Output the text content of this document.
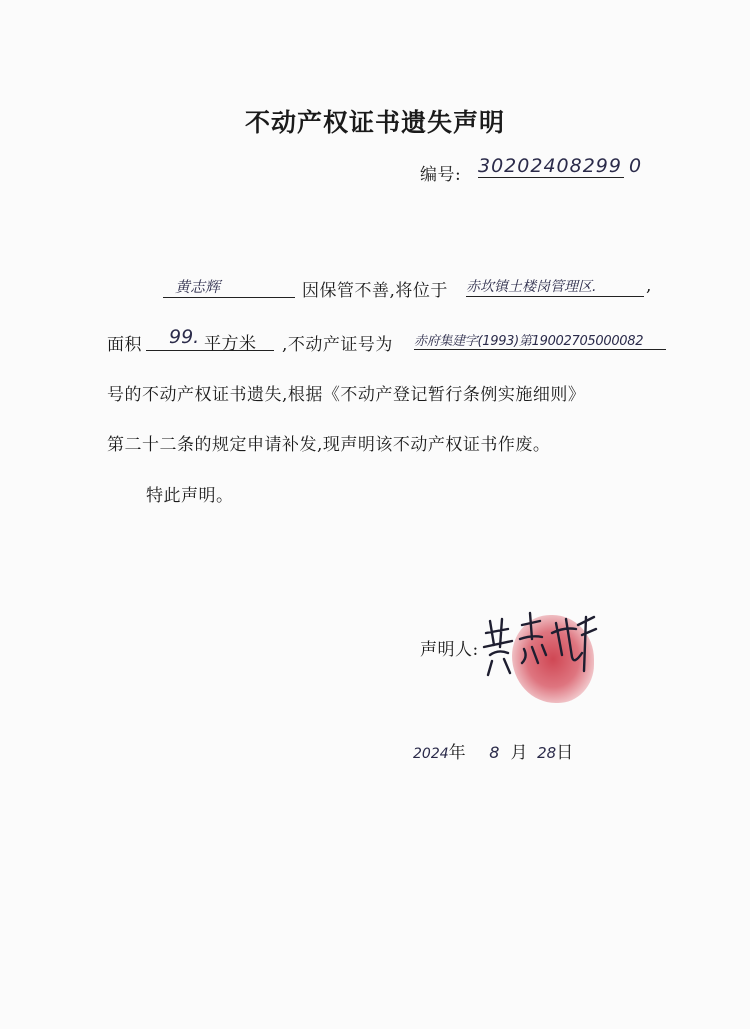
不动产权证书遗失声明
编号: 30202408299 0
黄志辉	因保管不善,将位于 赤坎镇土楼岗管理区.	,
面积 99. 平方米 ,不动产证号为 赤府集建字(1993)第19002705000082
号的不动产权证书遗失,根据《不动产登记暂行条例实施细则》
第二十二条的规定申请补发,现声明该不动产权证书作废。
特此声明。
声明人:
2024年 8 月 28日
